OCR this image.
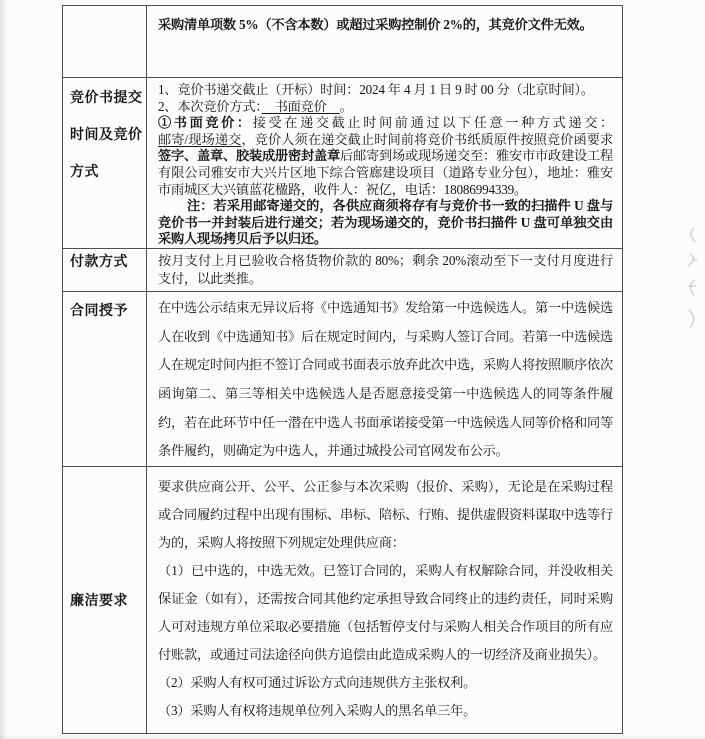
	采购清单项数 5%（不含本数）或超过采购控制价 2%的，其竞价文件无效。

竞价书提交时间及竞价方式	1、竞价书递交截止（开标）时间：2024 年 4 月 1 日 9 时 00 分（北京时间）。

2、本次竞价方式：　书面竞价　。

①书面竞价：接受在递交截止时间前通过以下任意一种方式递交：邮寄/现场递交，竞价人须在递交截止时间前将竞价书纸质原件按照竞价函要求签字、盖章、胶装成册密封盖章后邮寄到场或现场递交至：雅安市市政建设工程有限公司雅安市大兴片区地下综合管廊建设项目（道路专业分包），地址：雅安市雨城区大兴镇蓝花楹路，收件人：祝亿，电话：18086994339。

注：若采用邮寄递交的，各供应商须将存有与竞价书一致的扫描件 U 盘与竞价书一并封装后进行递交；若为现场递交的，竞价书扫描件 U 盘可单独交由采购人现场拷贝后予以归还。

付款方式	按月支付上月已验收合格货物价款的 80%；剩余 20%滚动至下一支付月度进行支付，以此类推。

合同授予	在中选公示结束无异议后将《中选通知书》发给第一中选候选人。第一中选候选人在收到《中选通知书》后在规定时间内，与采购人签订合同。若第一中选候选人在规定时间内拒不签订合同或书面表示放弃此次中选，采购人将按照顺序依次函询第二、第三等相关中选候选人是否愿意接受第一中选候选人的同等条件履约，若在此环节中任一潜在中选人书面承诺接受第一中选候选人同等价格和同等条件履约，则确定为中选人，并通过城投公司官网发布公示。

廉洁要求	要求供应商公开、公平、公正参与本次采购（报价、采购），无论是在采购过程或合同履约过程中出现有围标、串标、陪标、行贿、提供虚假资料谋取中选等行为的，采购人将按照下列规定处理供应商：

（1）已中选的，中选无效。已签订合同的，采购人有权解除合同，并没收相关保证金（如有），还需按合同其他约定承担导致合同终止的违约责任，同时采购人可对违规方单位采取必要措施（包括暂停支付与采购人相关合作项目的所有应付账款，或通过司法途径向供方追偿由此造成采购人的一切经济及商业损失）。

（2）采购人有权可通过诉讼方式向违规供方主张权利。

（3）采购人有权将违规单位列入采购人的黑名单三年。
